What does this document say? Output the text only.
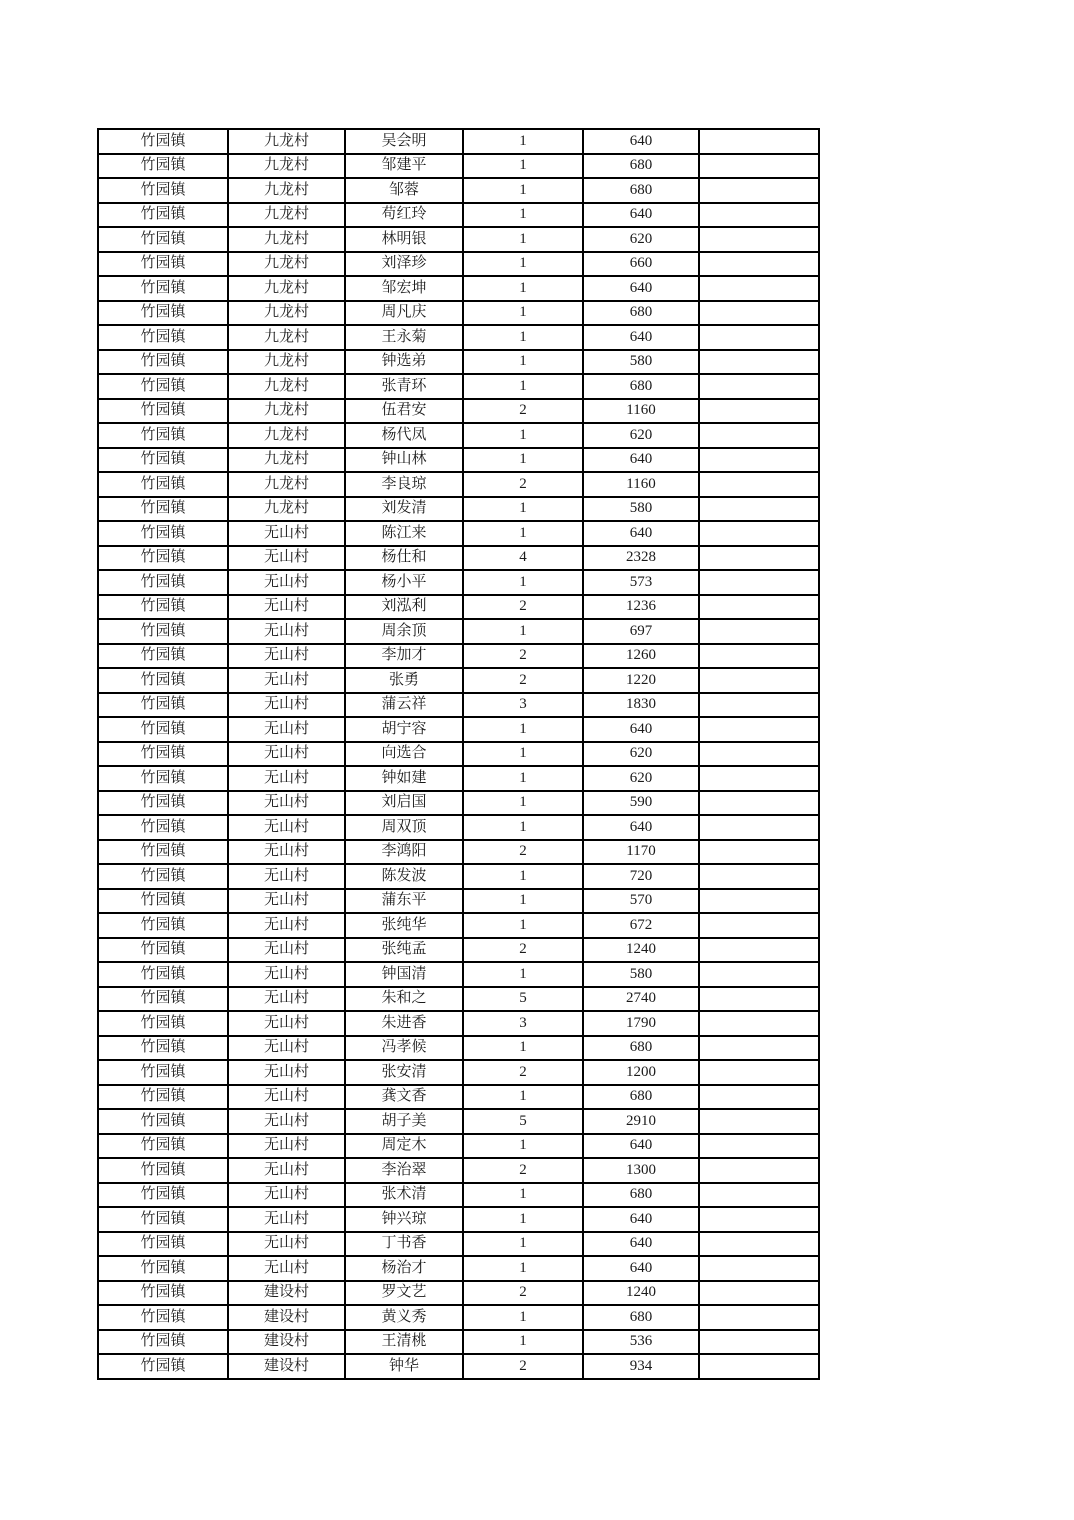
竹园镇	九龙村	吴会明	1	640	
竹园镇	九龙村	邹建平	1	680	
竹园镇	九龙村	邹蓉	1	680	
竹园镇	九龙村	苟红玲	1	640	
竹园镇	九龙村	林明银	1	620	
竹园镇	九龙村	刘泽珍	1	660	
竹园镇	九龙村	邹宏坤	1	640	
竹园镇	九龙村	周凡庆	1	680	
竹园镇	九龙村	王永菊	1	640	
竹园镇	九龙村	钟选弟	1	580	
竹园镇	九龙村	张青环	1	680	
竹园镇	九龙村	伍君安	2	1160	
竹园镇	九龙村	杨代凤	1	620	
竹园镇	九龙村	钟山林	1	640	
竹园镇	九龙村	李良琼	2	1160	
竹园镇	九龙村	刘发清	1	580	
竹园镇	无山村	陈江来	1	640	
竹园镇	无山村	杨仕和	4	2328	
竹园镇	无山村	杨小平	1	573	
竹园镇	无山村	刘泓利	2	1236	
竹园镇	无山村	周余顶	1	697	
竹园镇	无山村	李加才	2	1260	
竹园镇	无山村	张勇	2	1220	
竹园镇	无山村	蒲云祥	3	1830	
竹园镇	无山村	胡宁容	1	640	
竹园镇	无山村	向选合	1	620	
竹园镇	无山村	钟如建	1	620	
竹园镇	无山村	刘启国	1	590	
竹园镇	无山村	周双顶	1	640	
竹园镇	无山村	李鸿阳	2	1170	
竹园镇	无山村	陈发波	1	720	
竹园镇	无山村	蒲东平	1	570	
竹园镇	无山村	张纯华	1	672	
竹园镇	无山村	张纯孟	2	1240	
竹园镇	无山村	钟国清	1	580	
竹园镇	无山村	朱和之	5	2740	
竹园镇	无山村	朱进香	3	1790	
竹园镇	无山村	冯孝候	1	680	
竹园镇	无山村	张安清	2	1200	
竹园镇	无山村	龚文香	1	680	
竹园镇	无山村	胡子美	5	2910	
竹园镇	无山村	周定木	1	640	
竹园镇	无山村	李治翠	2	1300	
竹园镇	无山村	张术清	1	680	
竹园镇	无山村	钟兴琼	1	640	
竹园镇	无山村	丁书香	1	640	
竹园镇	无山村	杨治才	1	640	
竹园镇	建设村	罗文艺	2	1240	
竹园镇	建设村	黄义秀	1	680	
竹园镇	建设村	王清桃	1	536	
竹园镇	建设村	钟华	2	934	
